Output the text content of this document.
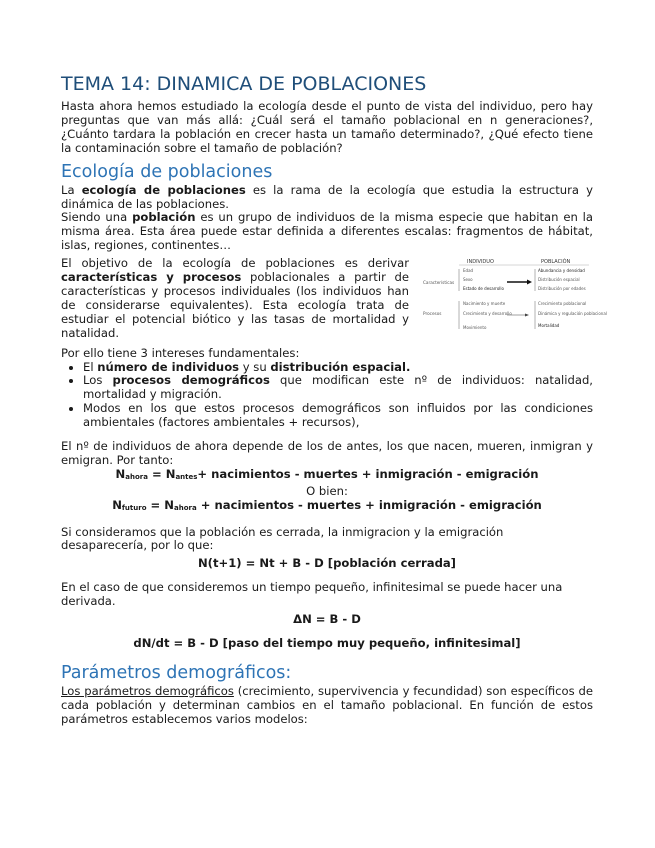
TEMA 14: DINAMICA DE POBLACIONES

Hasta ahora hemos estudiado la ecología desde el punto de vista del individuo, pero hay preguntas que van más allá: ¿Cuál será el tamaño poblacional en n generaciones?, ¿Cuánto tardara la población en crecer hasta un tamaño determinado?, ¿Qué efecto tiene la contaminación sobre el tamaño de población?

Ecología de poblaciones

La ecología de poblaciones es la rama de la ecología que estudia la estructura y dinámica de las poblaciones.

Siendo una población es un grupo de individuos de la misma especie que habitan en la misma área. Esta área puede estar definida a diferentes escalas: fragmentos de hábitat, islas, regiones, continentes…

El objetivo de la ecología de poblaciones es derivar características y procesos poblacionales a partir de características y procesos individuales (los individuos han de considerarse equivalentes). Esta ecología trata de estudiar el potencial biótico y las tasas de mortalidad y natalidad.

INDIVIDUO	POBLACIÓN
Características
Procesos
Edad
Sexo
Estado de desarrollo
Nacimiento y muerte
Crecimiento y desarrollo
Movimiento
Abundancia y densidad
Distribución espacial
Distribución por edades
Crecimiento poblacional
Dinámica y regulación poblacional
Mortalidad

Por ello tiene 3 intereses fundamentales:

• El número de individuos y su distribución espacial.
• Los procesos demográficos que modifican este nº de individuos: natalidad, mortalidad y migración.
• Modos en los que estos procesos demográficos son influidos por las condiciones ambientales (factores ambientales + recursos),

El nº de individuos de ahora depende de los de antes, los que nacen, mueren, inmigran y emigran. Por tanto:

$N_{ahora} = N_{antes}+$ nacimientos - muertes + inmigración - emigración
O bien:
$N_{futuro} = N_{ahora}$ + nacimientos - muertes + inmigración - emigración

Si consideramos que la población es cerrada, la inmigracion y la emigración desaparecería, por lo que:

N(t+1) = Nt + B - D [población cerrada]

En el caso de que consideremos un tiempo pequeño, infinitesimal se puede hacer una derivada.

ΔN = B - D
dN/dt = B - D [paso del tiempo muy pequeño, infinitesimal]
Parámetros demográficos:

Los parámetros demográficos (crecimiento, supervivencia y fecundidad) son específicos de cada población y determinan cambios en el tamaño poblacional. En función de estos parámetros establecemos varios modelos:
